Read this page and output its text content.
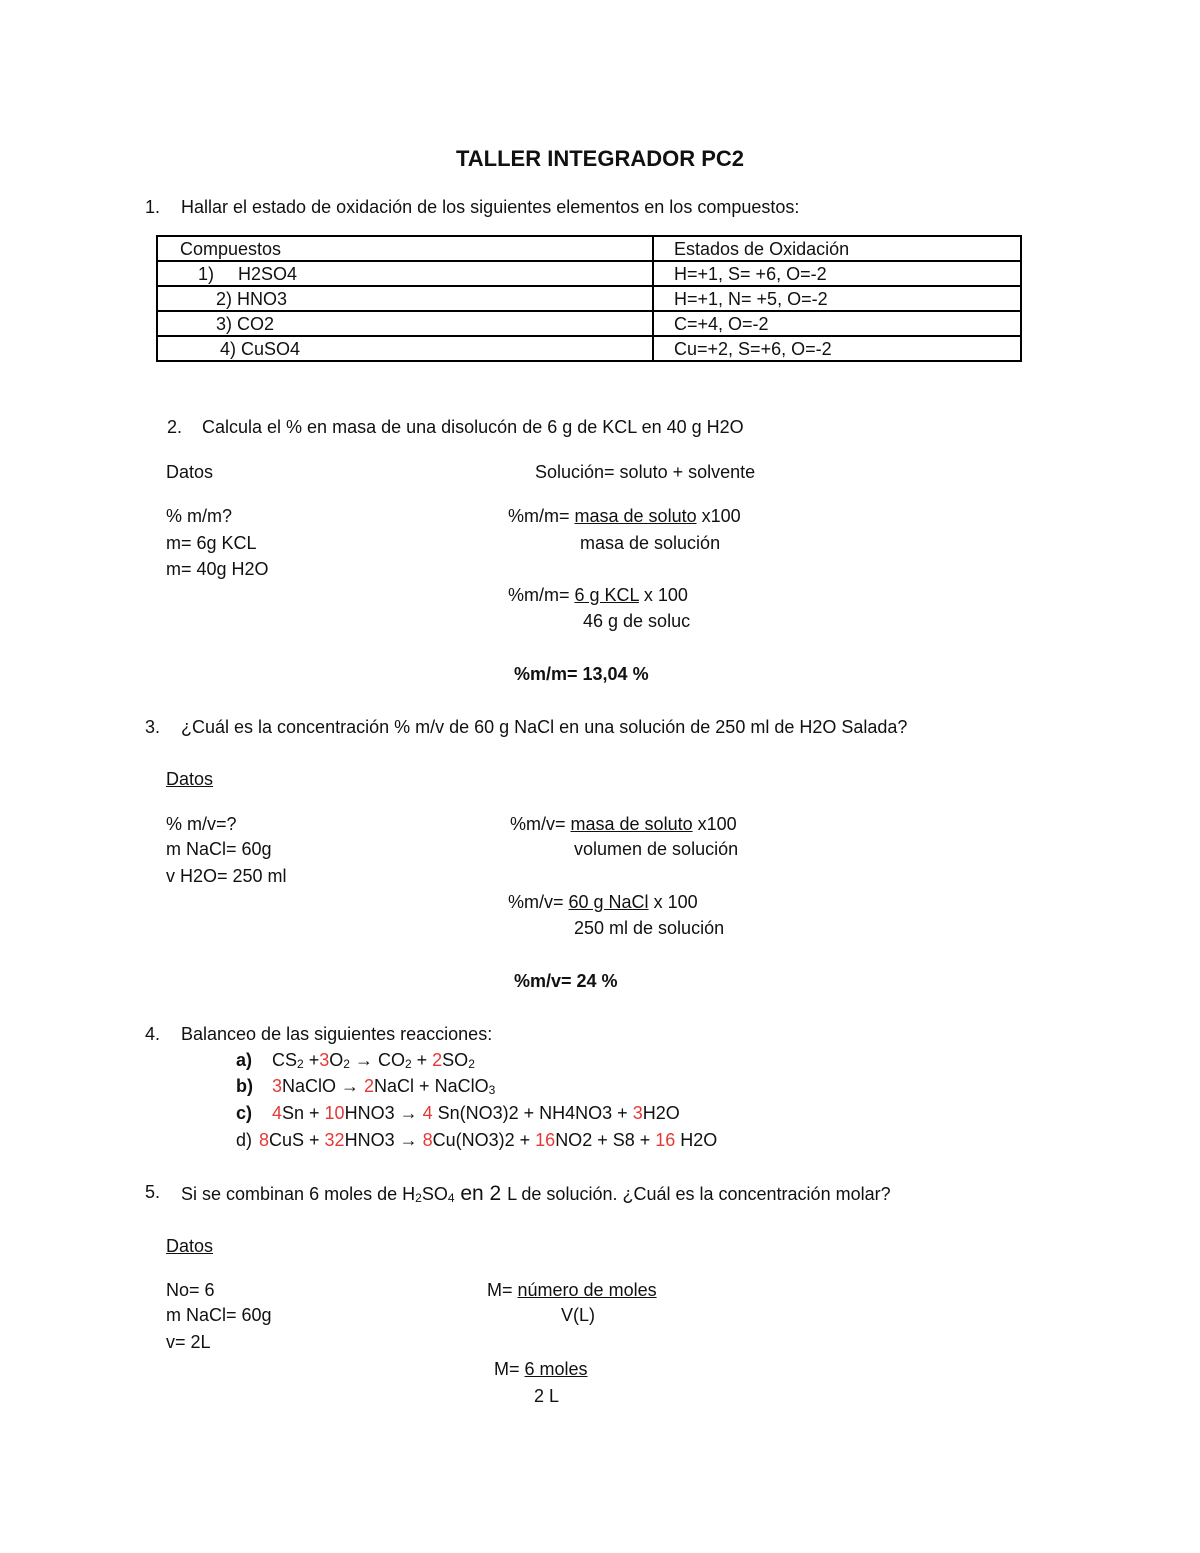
TALLER INTEGRADOR PC2
1. Hallar el estado de oxidación de los siguientes elementos en los compuestos:
Compuestos	Estados de Oxidación
1) H2SO4	H=+1, S= +6, O=-2
2) HNO3	H=+1, N= +5, O=-2
3) CO2	C=+4, O=-2
4) CuSO4	Cu=+2, S=+6, O=-2
2. Calcula el % en masa de una disolucón de 6 g de KCL en 40 g H2O
Datos	Solución= soluto + solvente
% m/m?
m= 6g KCL
m= 40g H2O
%m/m= masa de soluto x100
masa de solución
%m/m= 6 g KCL x 100
46 g de soluc
%m/m= 13,04 %
3. ¿Cuál es la concentración % m/v de 60 g NaCl en una solución de 250 ml de H2O Salada?
Datos
% m/v=?
m NaCl= 60g
v H2O= 250 ml
%m/v= masa de soluto x100
volumen de solución
%m/v= 60 g NaCl x 100
250 ml de solución
%m/v= 24 %
4. Balanceo de las siguientes reacciones:
a) CS2 +3O2 → CO2 + 2SO2
b) 3NaClO → 2NaCl + NaClO3
c) 4Sn + 10HNO3 → 4 Sn(NO3)2 + NH4NO3 + 3H2O
d) 8CuS + 32HNO3 → 8Cu(NO3)2 + 16NO2 + S8 + 16 H2O
5. Si se combinan 6 moles de H2SO4 en 2 L de solución. ¿Cuál es la concentración molar?
Datos
No= 6
m NaCl= 60g
v= 2L
M= número de moles
V(L)
M= 6 moles
2 L
